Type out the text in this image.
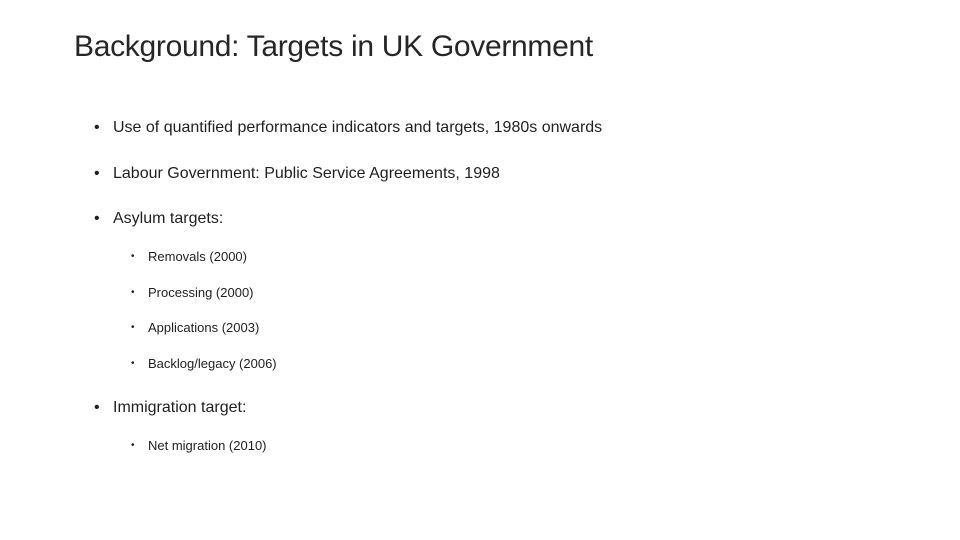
Background: Targets in UK Government
• Use of quantified performance indicators and targets, 1980s onwards
• Labour Government: Public Service Agreements, 1998
• Asylum targets:
• Removals (2000)
• Processing (2000)
• Applications (2003)
• Backlog/legacy (2006)
• Immigration target:
• Net migration (2010)
